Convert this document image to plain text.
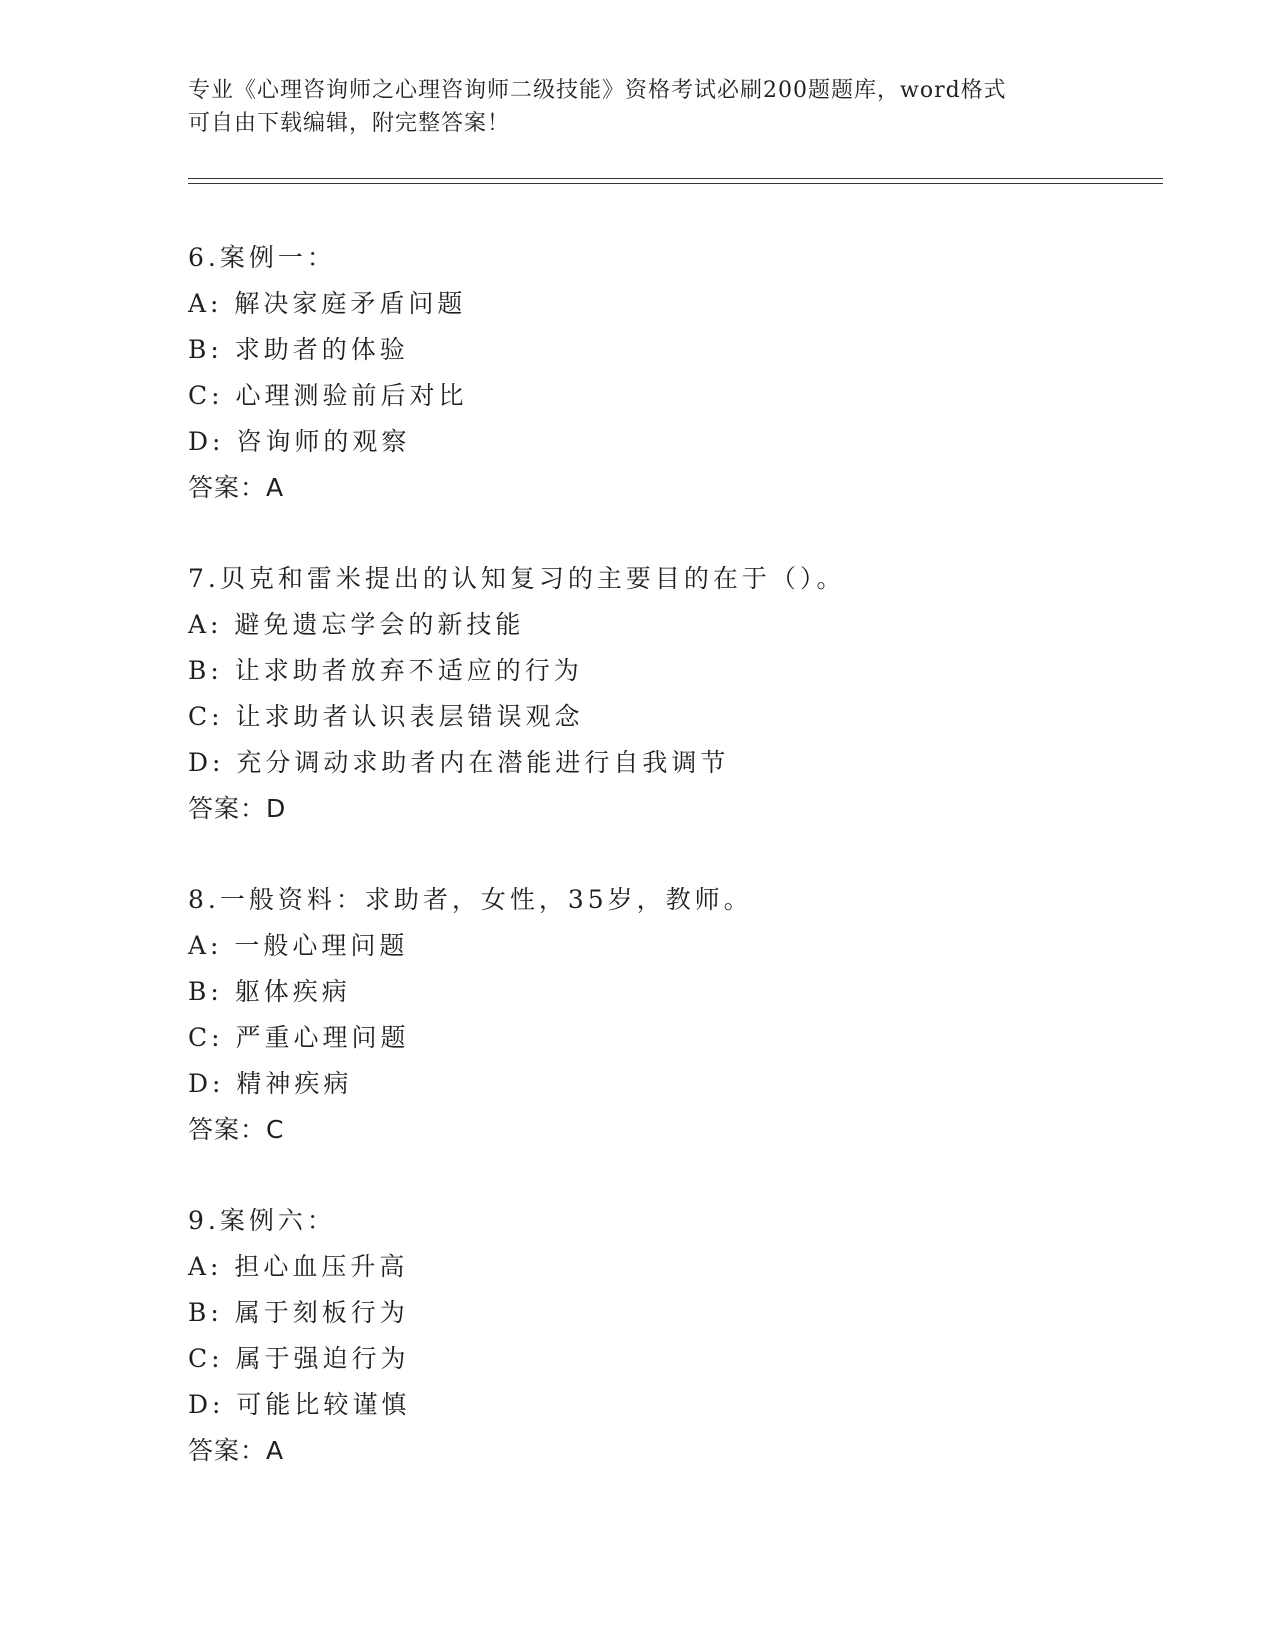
专业《心理咨询师之心理咨询师二级技能》资格考试必刷200题题库，word格式
可自由下载编辑，附完整答案！
6.案例一：
A: 解决家庭矛盾问题
B: 求助者的体验
C: 心理测验前后对比
D: 咨询师的观察
答案：A
7.贝克和雷米提出的认知复习的主要目的在于（）。
A: 避免遗忘学会的新技能
B: 让求助者放弃不适应的行为
C: 让求助者认识表层错误观念
D: 充分调动求助者内在潜能进行自我调节
答案：D
8.一般资料：求助者，女性，35岁，教师。
A: 一般心理问题
B: 躯体疾病
C: 严重心理问题
D: 精神疾病
答案：C
9.案例六：
A: 担心血压升高
B: 属于刻板行为
C: 属于强迫行为
D: 可能比较谨慎
答案：A
